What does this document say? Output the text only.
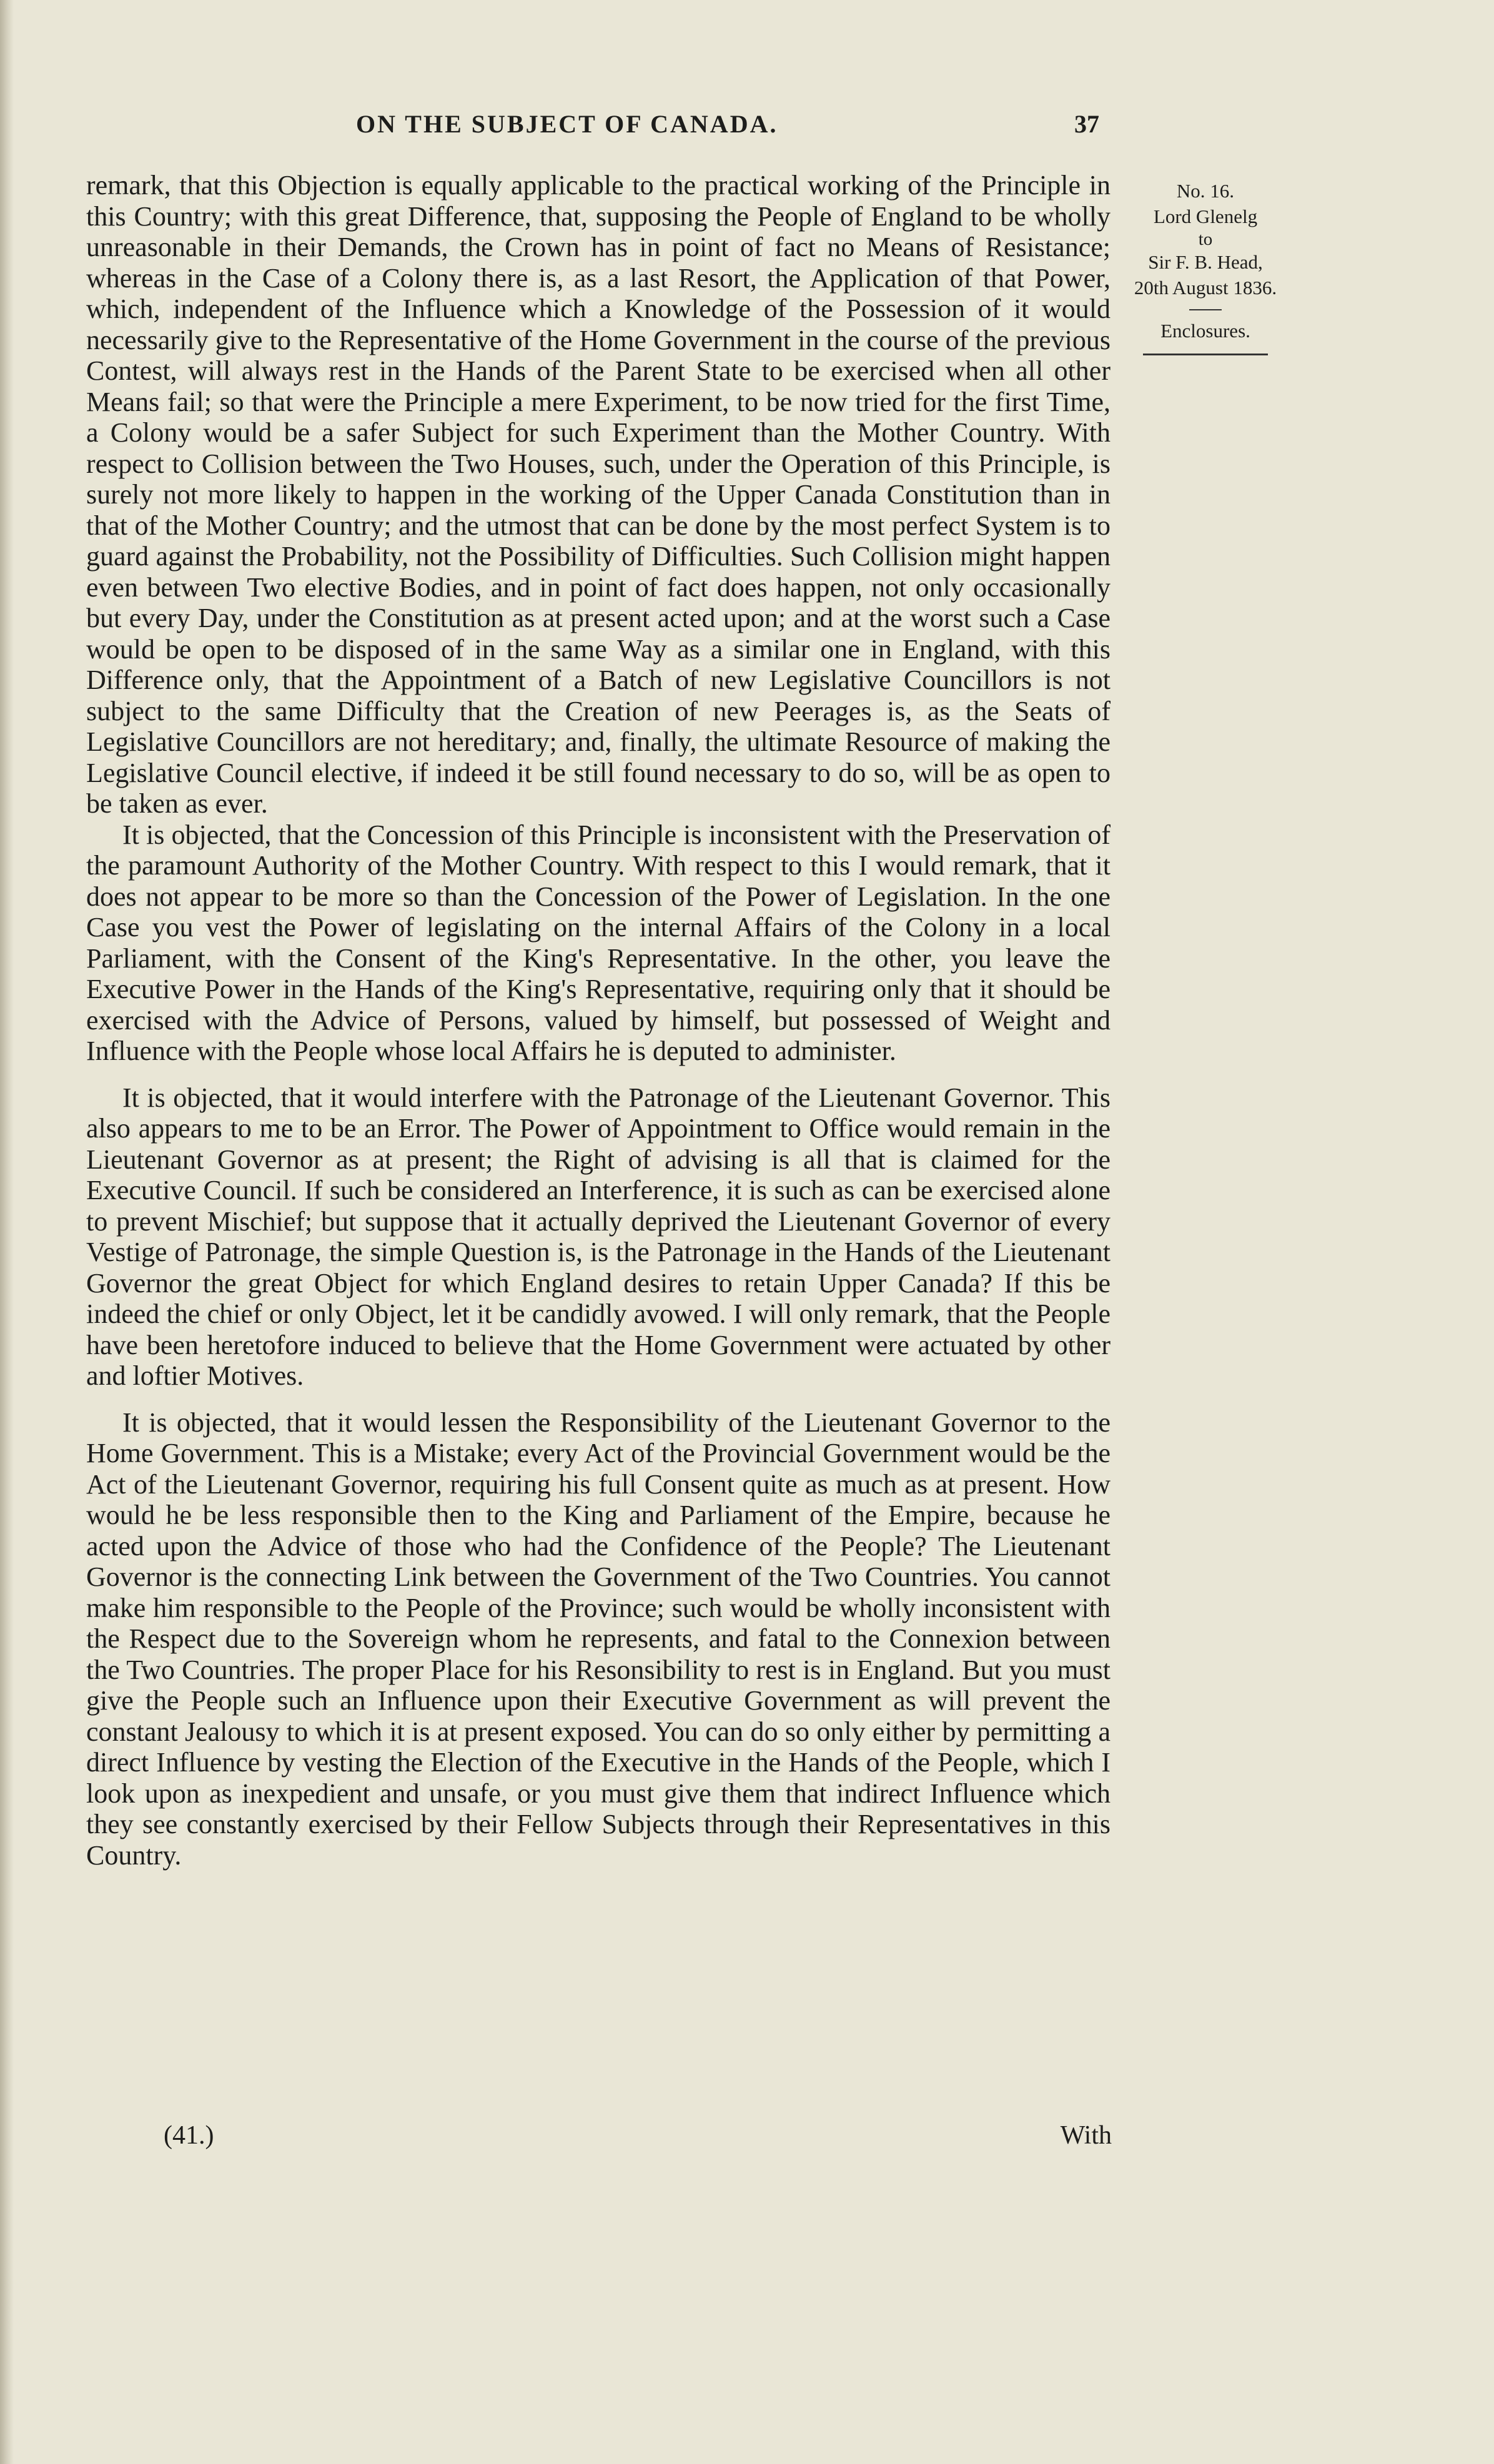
ON THE SUBJECT OF CANADA.	37
No. 16.
Lord Glenelg
to
Sir F. B. Head,
20th August 1836.
Enclosures.

remark, that this Objection is equally applicable to the practical working of the Principle in this Country; with this great Difference, that, supposing the People of England to be wholly unreasonable in their Demands, the Crown has in point of fact no Means of Resistance; whereas in the Case of a Colony there is, as a last Resort, the Application of that Power, which, independent of the Influence which a Knowledge of the Possession of it would necessarily give to the Representative of the Home Government in the course of the previous Contest, will always rest in the Hands of the Parent State to be exercised when all other Means fail; so that were the Principle a mere Experiment, to be now tried for the first Time, a Colony would be a safer Subject for such Experiment than the Mother Country. With respect to Collision between the Two Houses, such, under the Operation of this Principle, is surely not more likely to happen in the working of the Upper Canada Constitution than in that of the Mother Country; and the utmost that can be done by the most perfect System is to guard against the Probability, not the Possibility of Difficulties. Such Collision might happen even between Two elective Bodies, and in point of fact does happen, not only occasionally but every Day, under the Constitution as at present acted upon; and at the worst such a Case would be open to be disposed of in the same Way as a similar one in England, with this Difference only, that the Appointment of a Batch of new Legislative Councillors is not subject to the same Difficulty that the Creation of new Peerages is, as the Seats of Legislative Councillors are not hereditary; and, finally, the ultimate Resource of making the Legislative Council elective, if indeed it be still found necessary to do so, will be as open to be taken as ever.

It is objected, that the Concession of this Principle is inconsistent with the Preservation of the paramount Authority of the Mother Country. With respect to this I would remark, that it does not appear to be more so than the Concession of the Power of Legislation. In the one Case you vest the Power of legislating on the internal Affairs of the Colony in a local Parliament, with the Consent of the King's Representative. In the other, you leave the Executive Power in the Hands of the King's Representative, requiring only that it should be exercised with the Advice of Persons, valued by himself, but possessed of Weight and Influence with the People whose local Affairs he is deputed to administer.

It is objected, that it would interfere with the Patronage of the Lieutenant Governor. This also appears to me to be an Error. The Power of Appointment to Office would remain in the Lieutenant Governor as at present; the Right of advising is all that is claimed for the Executive Council. If such be considered an Interference, it is such as can be exercised alone to prevent Mischief; but suppose that it actually deprived the Lieutenant Governor of every Vestige of Patronage, the simple Question is, is the Patronage in the Hands of the Lieutenant Governor the great Object for which England desires to retain Upper Canada? If this be indeed the chief or only Object, let it be candidly avowed. I will only remark, that the People have been heretofore induced to believe that the Home Government were actuated by other and loftier Motives.

It is objected, that it would lessen the Responsibility of the Lieutenant Governor to the Home Government. This is a Mistake; every Act of the Provincial Government would be the Act of the Lieutenant Governor, requiring his full Consent quite as much as at present. How would he be less responsible then to the King and Parliament of the Empire, because he acted upon the Advice of those who had the Confidence of the People? The Lieutenant Governor is the connecting Link between the Government of the Two Countries. You cannot make him responsible to the People of the Province; such would be wholly inconsistent with the Respect due to the Sovereign whom he represents, and fatal to the Connexion between the Two Countries. The proper Place for his Resonsibility to rest is in England. But you must give the People such an Influence upon their Executive Government as will prevent the constant Jealousy to which it is at present exposed. You can do so only either by permitting a direct Influence by vesting the Election of the Executive in the Hands of the People, which I look upon as inexpedient and unsafe, or you must give them that indirect Influence which they see constantly exercised by their Fellow Subjects through their Representatives in this Country.

(41.)	With
